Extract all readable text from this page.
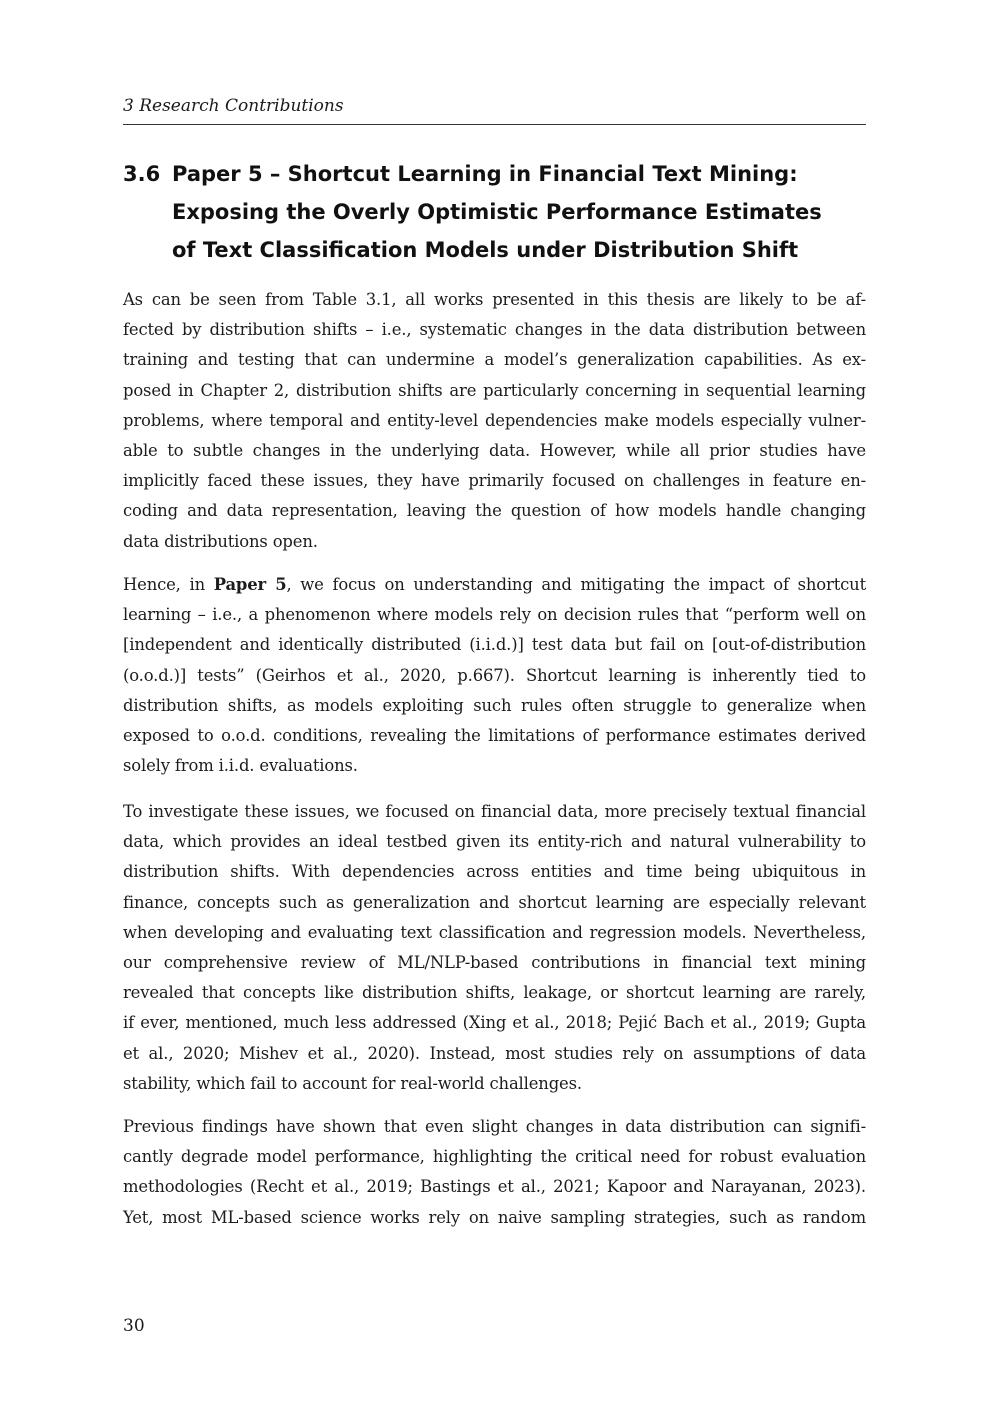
3 Research Contributions
3.6 Paper 5 – Shortcut Learning in Financial Text Mining:
Exposing the Overly Optimistic Performance Estimates
of Text Classification Models under Distribution Shift
As can be seen from Table 3.1, all works presented in this thesis are likely to be af-
fected by distribution shifts – i.e., systematic changes in the data distribution between
training and testing that can undermine a model’s generalization capabilities. As ex-
posed in Chapter 2, distribution shifts are particularly concerning in sequential learning
problems, where temporal and entity-level dependencies make models especially vulner-
able to subtle changes in the underlying data. However, while all prior studies have
implicitly faced these issues, they have primarily focused on challenges in feature en-
coding and data representation, leaving the question of how models handle changing
data distributions open.
Hence, in Paper 5, we focus on understanding and mitigating the impact of shortcut
learning – i.e., a phenomenon where models rely on decision rules that “perform well on
[independent and identically distributed (i.i.d.)] test data but fail on [out-of-distribution
(o.o.d.)] tests” (Geirhos et al., 2020, p.667). Shortcut learning is inherently tied to
distribution shifts, as models exploiting such rules often struggle to generalize when
exposed to o.o.d. conditions, revealing the limitations of performance estimates derived
solely from i.i.d. evaluations.
To investigate these issues, we focused on financial data, more precisely textual financial
data, which provides an ideal testbed given its entity-rich and natural vulnerability to
distribution shifts. With dependencies across entities and time being ubiquitous in
finance, concepts such as generalization and shortcut learning are especially relevant
when developing and evaluating text classification and regression models. Nevertheless,
our comprehensive review of ML/NLP-based contributions in financial text mining
revealed that concepts like distribution shifts, leakage, or shortcut learning are rarely,
if ever, mentioned, much less addressed (Xing et al., 2018; Pejić Bach et al., 2019; Gupta
et al., 2020; Mishev et al., 2020). Instead, most studies rely on assumptions of data
stability, which fail to account for real-world challenges.
Previous findings have shown that even slight changes in data distribution can signifi-
cantly degrade model performance, highlighting the critical need for robust evaluation
methodologies (Recht et al., 2019; Bastings et al., 2021; Kapoor and Narayanan, 2023).
Yet, most ML-based science works rely on naive sampling strategies, such as random
30
